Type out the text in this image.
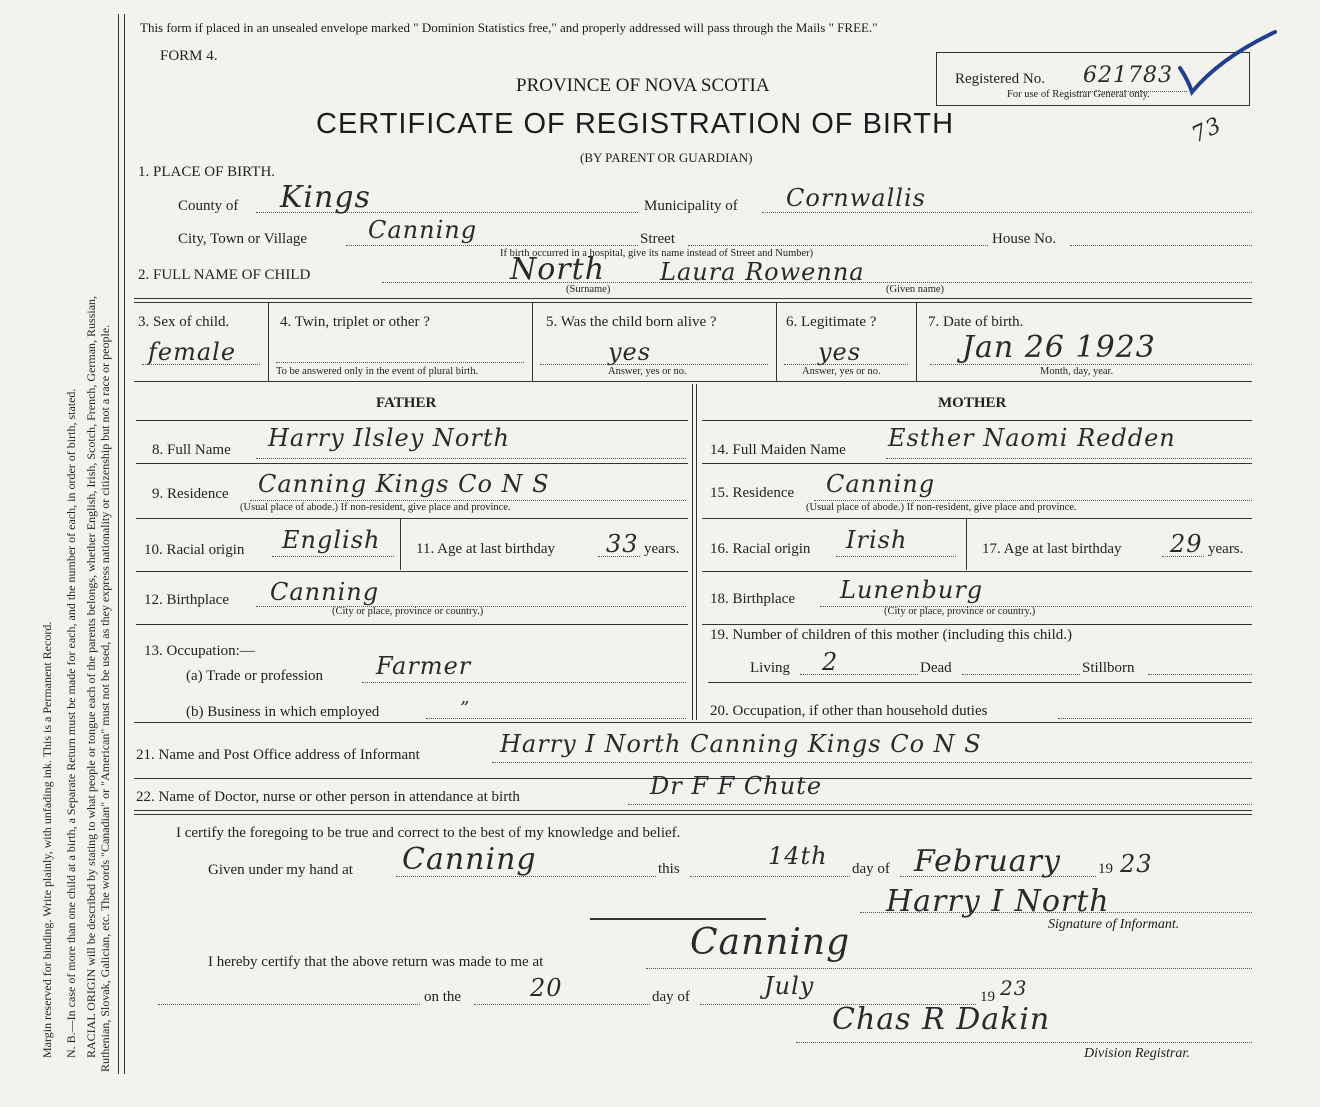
Margin reserved for binding. Write plainly, with unfading ink. This is a Permanent Record. N. B.—In case of more than one child at a birth, a Separate Return must be made for each, and the number of each, in order of birth, stated. RACIAL ORIGIN will be described by stating to what people or tongue each of the parents belongs, whether English, Irish, Scotch, French, German, Russian, Ruthenian, Slovak, Galician, etc. The words "Canadian" or "American" must not be used, as they express nationality or citizenship but not a race or people.
This form if placed in an unsealed envelope marked " Dominion Statistics free," and properly addressed will pass through the Mails " FREE."
FORM 4.
PROVINCE OF NOVA SCOTIA
CERTIFICATE OF REGISTRATION OF BIRTH
(BY PARENT OR GUARDIAN)
Registered No. 621783
For use of Registrar General only.
73
1. PLACE OF BIRTH.
County of Kings	Municipality of Cornwallis
City, Town or Village	Canning	Street	House No.
If birth occurred in a hospital, give its name instead of Street and Number)
2. FULL NAME OF CHILD	North Laura Rowenna
(Surname)	(Given name)
3. Sex of child.
female
4. Twin, triplet or other ?
To be answered only in the event of plural birth.
5. Was the child born alive ?
yes
Answer, yes or no.
6. Legitimate ?
yes
Answer, yes or no.
7. Date of birth.
Jan 26 1923
Month, day, year.
FATHER	MOTHER
8. Full Name Harry Ilsley North
9. Residence Canning Kings Co N S
(Usual place of abode.) If non-resident, give place and province.
10. Racial origin English 11. Age at last birthday 33 years.
12. Birthplace Canning
(City or place, province or country.)
13. Occupation:—
(a) Trade or profession Farmer
(b) Business in which employed	”
14. Full Maiden Name Esther Naomi Redden
15. Residence Canning
(Usual place of abode.) If non-resident, give place and province.
16. Racial origin Irish	17. Age at last birthday 29 years.
18. Birthplace Lunenburg
(City or place, province or country.)
19. Number of children of this mother (including this child.)
Living 2	Dead	Stillborn
20. Occupation, if other than household duties
21. Name and Post Office address of Informant	Harry I North Canning Kings Co N S
22. Name of Doctor, nurse or other person in attendance at birth	Dr F F Chute
I certify the foregoing to be true and correct to the best of my knowledge and belief.
Given under my hand at Canning	this	14th day of February 19 23
Harry I North
Signature of Informant.
I hereby certify that the above return was made to me at	Canning
on the	20	day of	July	19 23
Chas R Dakin
Division Registrar.
